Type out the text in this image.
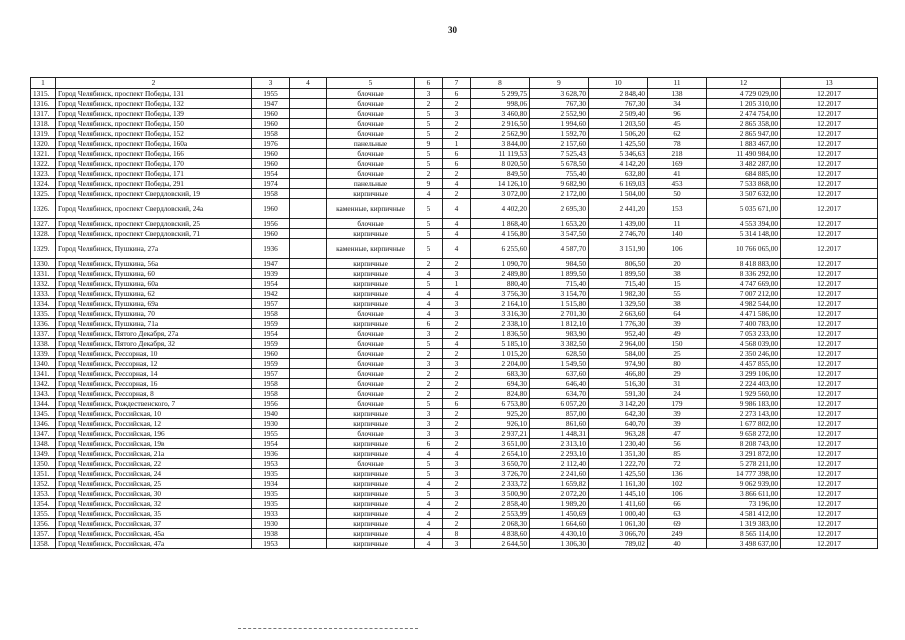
30
1	2	3	4	5	6	7	8	9	10	11	12	13
1315.	Город Челябинск, проспект Победы, 131	1955		блочные	3	6	5 299,75	3 628,70	2 848,40	138	4 729 029,00	12.2017
1316.	Город Челябинск, проспект Победы, 132	1947		блочные	2	2	998,06	767,30	767,30	34	1 205 310,00	12.2017
1317.	Город Челябинск, проспект Победы, 139	1960		блочные	5	3	3 460,80	2 552,90	2 509,40	96	2 474 754,00	12.2017
1318.	Город Челябинск, проспект Победы, 150	1960		блочные	5	2	2 916,50	1 994,60	1 203,50	45	2 865 358,00	12.2017
1319.	Город Челябинск, проспект Победы, 152	1958		блочные	5	2	2 562,90	1 592,70	1 506,20	62	2 865 947,00	12.2017
1320.	Город Челябинск, проспект Победы, 160а	1976		панельные	9	1	3 844,00	2 157,60	1 425,50	78	1 883 467,00	12.2017
1321.	Город Челябинск, проспект Победы, 166	1960		блочные	5	6	11 119,53	7 525,43	5 346,63	218	11 490 984,00	12.2017
1322.	Город Челябинск, проспект Победы, 170	1960		блочные	5	6	8 020,50	5 678,50	4 142,20	169	3 482 287,00	12.2017
1323.	Город Челябинск, проспект Победы, 171	1954		блочные	2	2	849,50	755,40	632,80	41	684 885,00	12.2017
1324.	Город Челябинск, проспект Победы, 291	1974		панельные	9	4	14 126,10	9 682,90	6 169,03	453	7 533 868,00	12.2017
1325.	Город Челябинск, проспект Свердловский, 19	1958		кирпичные	4	2	3 072,00	2 172,00	1 504,00	50	3 507 632,00	12.2017
1326.	Город Челябинск, проспект Свердловский, 24а	1960		каменные, кирпичные	5	4	4 402,20	2 695,30	2 441,20	153	5 035 671,00	12.2017
1327.	Город Челябинск, проспект Свердловский, 25	1956		блочные	5	4	1 868,40	1 653,20	1 439,00	11	4 553 394,00	12.2017
1328.	Город Челябинск, проспект Свердловский, 71	1960		кирпичные	5	4	4 156,80	3 547,50	2 746,70	140	5 314 148,00	12.2017
1329.	Город Челябинск, Пушкина, 27а	1936		каменные, кирпичные	5	4	6 255,60	4 587,70	3 151,90	106	10 766 065,00	12.2017
1330.	Город Челябинск, Пушкина, 56а	1947		кирпичные	2	2	1 090,70	984,50	806,50	20	8 418 883,00	12.2017
1331.	Город Челябинск, Пушкина, 60	1939		кирпичные	4	3	2 489,80	1 899,50	1 899,50	38	8 336 292,00	12.2017
1332.	Город Челябинск, Пушкина, 60а	1954		кирпичные	5	1	880,40	715,40	715,40	15	4 747 669,00	12.2017
1333.	Город Челябинск, Пушкина, 62	1942		кирпичные	4	4	3 756,30	3 154,70	1 982,30	55	7 007 212,00	12.2017
1334.	Город Челябинск, Пушкина, 69а	1957		кирпичные	4	3	2 164,10	1 515,80	1 329,50	38	4 982 544,00	12.2017
1335.	Город Челябинск, Пушкина, 70	1958		блочные	4	3	3 316,30	2 701,30	2 663,60	64	4 471 586,00	12.2017
1336.	Город Челябинск, Пушкина, 71а	1959		кирпичные	6	2	2 338,10	1 812,10	1 776,30	39	7 400 783,00	12.2017
1337.	Город Челябинск, Пятого Декабря, 27а	1954		блочные	3	2	1 836,50	983,90	952,40	49	7 053 233,00	12.2017
1338.	Город Челябинск, Пятого Декабря, 32	1959		блочные	5	4	5 185,10	3 382,50	2 964,00	150	4 568 039,00	12.2017
1339.	Город Челябинск, Рессорная, 10	1960		блочные	2	2	1 015,20	628,50	584,00	25	2 350 246,00	12.2017
1340.	Город Челябинск, Рессорная, 12	1959		блочные	3	3	2 204,00	1 549,50	974,90	80	4 457 855,00	12.2017
1341.	Город Челябинск, Рессорная, 14	1957		блочные	2	2	683,30	637,60	466,80	29	3 299 106,00	12.2017
1342.	Город Челябинск, Рессорная, 16	1958		блочные	2	2	694,30	646,40	516,30	31	2 224 403,00	12.2017
1343.	Город Челябинск, Рессорная, 8	1958		блочные	2	2	824,80	634,70	591,30	24	1 929 560,00	12.2017
1344.	Город Челябинск, Рождественского, 7	1956		блочные	5	6	6 753,80	6 057,20	3 142,20	179	9 986 183,00	12.2017
1345.	Город Челябинск, Российская, 10	1940		кирпичные	3	2	925,20	857,00	642,30	39	2 273 143,00	12.2017
1346.	Город Челябинск, Российская, 12	1930		кирпичные	3	2	926,10	861,60	640,70	39	1 677 802,00	12.2017
1347.	Город Челябинск, Российская, 196	1955		блочные	3	3	2 937,21	1 448,31	963,28	47	9 658 272,00	12.2017
1348.	Город Челябинск, Российская, 19в	1954		кирпичные	6	2	3 651,00	2 313,10	1 230,40	56	8 208 743,00	12.2017
1349.	Город Челябинск, Российская, 21а	1936		кирпичные	4	4	2 654,10	2 293,10	1 351,30	85	3 291 872,00	12.2017
1350.	Город Челябинск, Российская, 22	1953		блочные	5	3	3 650,70	2 112,40	1 222,70	72	5 278 211,00	12.2017
1351.	Город Челябинск, Российская, 24	1935		кирпичные	5	3	3 726,70	2 241,60	1 425,50	136	14 777 398,00	12.2017
1352.	Город Челябинск, Российская, 25	1934		кирпичные	4	2	2 333,72	1 659,82	1 161,30	102	9 062 939,00	12.2017
1353.	Город Челябинск, Российская, 30	1935		кирпичные	5	3	3 500,90	2 072,20	1 445,10	106	3 866 611,00	12.2017
1354.	Город Челябинск, Российская, 32	1935		кирпичные	4	2	2 858,40	1 989,20	1 411,60	66	73 196,00	12.2017
1355.	Город Челябинск, Российская, 35	1933		кирпичные	4	2	2 553,99	1 450,69	1 000,40	63	4 581 412,00	12.2017
1356.	Город Челябинск, Российская, 37	1930		кирпичные	4	2	2 068,30	1 664,60	1 061,30	69	1 319 383,00	12.2017
1357.	Город Челябинск, Российская, 45а	1938		кирпичные	4	8	4 838,60	4 430,10	3 066,70	249	8 565 114,00	12.2017
1358.	Город Челябинск, Российская, 47а	1953		кирпичные	4	3	2 644,50	1 306,30	789,02	40	3 498 637,00	12.2017
